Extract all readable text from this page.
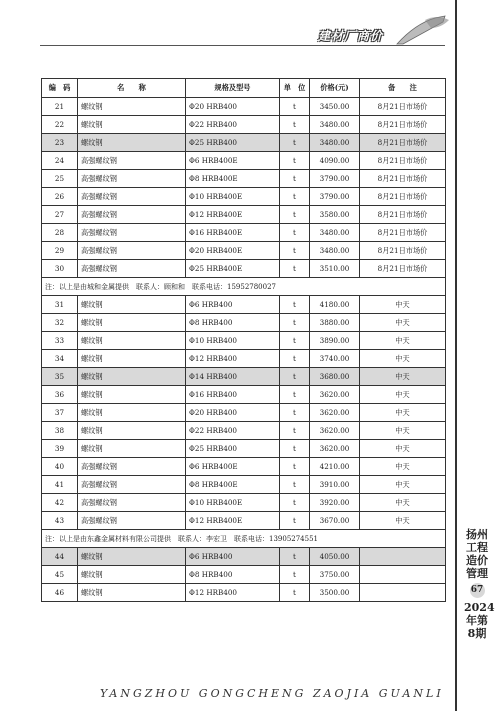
建材厂商价
扬州工程造价管理
67
2024年第8期
编　码	名　　称	规格及型号	单　位	价格(元)	备　　注
21	螺纹钢	Φ20 HRB400	t	3450.00	8月21日市场价
22	螺纹钢	Φ22 HRB400	t	3480.00	8月21日市场价
23	螺纹钢	Φ25 HRB400	t	3480.00	8月21日市场价
24	高强螺纹钢	Φ6 HRB400E	t	4090.00	8月21日市场价
25	高强螺纹钢	Φ8 HRB400E	t	3790.00	8月21日市场价
26	高强螺纹钢	Φ10 HRB400E	t	3790.00	8月21日市场价
27	高强螺纹钢	Φ12 HRB400E	t	3580.00	8月21日市场价
28	高强螺纹钢	Φ16 HRB400E	t	3480.00	8月21日市场价
29	高强螺纹钢	Φ20 HRB400E	t	3480.00	8月21日市场价
30	高强螺纹钢	Φ25 HRB400E	t	3510.00	8月21日市场价
注：以上是由城和金属提供　联系人：顾和和　联系电话：15952780027					
31	螺纹钢	Φ6 HRB400	t	4180.00	中天
32	螺纹钢	Φ8 HRB400	t	3880.00	中天
33	螺纹钢	Φ10 HRB400	t	3890.00	中天
34	螺纹钢	Φ12 HRB400	t	3740.00	中天
35	螺纹钢	Φ14 HRB400	t	3680.00	中天
36	螺纹钢	Φ16 HRB400	t	3620.00	中天
37	螺纹钢	Φ20 HRB400	t	3620.00	中天
38	螺纹钢	Φ22 HRB400	t	3620.00	中天
39	螺纹钢	Φ25 HRB400	t	3620.00	中天
40	高强螺纹钢	Φ6 HRB400E	t	4210.00	中天
41	高强螺纹钢	Φ8 HRB400E	t	3910.00	中天
42	高强螺纹钢	Φ10 HRB400E	t	3920.00	中天
43	高强螺纹钢	Φ12 HRB400E	t	3670.00	中天
注：以上是由东鑫金属材料有限公司提供　联系人：李宏卫　联系电话：13905274551					
44	螺纹钢	Φ6 HRB400	t	4050.00	
45	螺纹钢	Φ8 HRB400	t	3750.00	
46	螺纹钢	Φ12 HRB400	t	3500.00	
YANGZHOU GONGCHENG ZAOJIA GUANLI
